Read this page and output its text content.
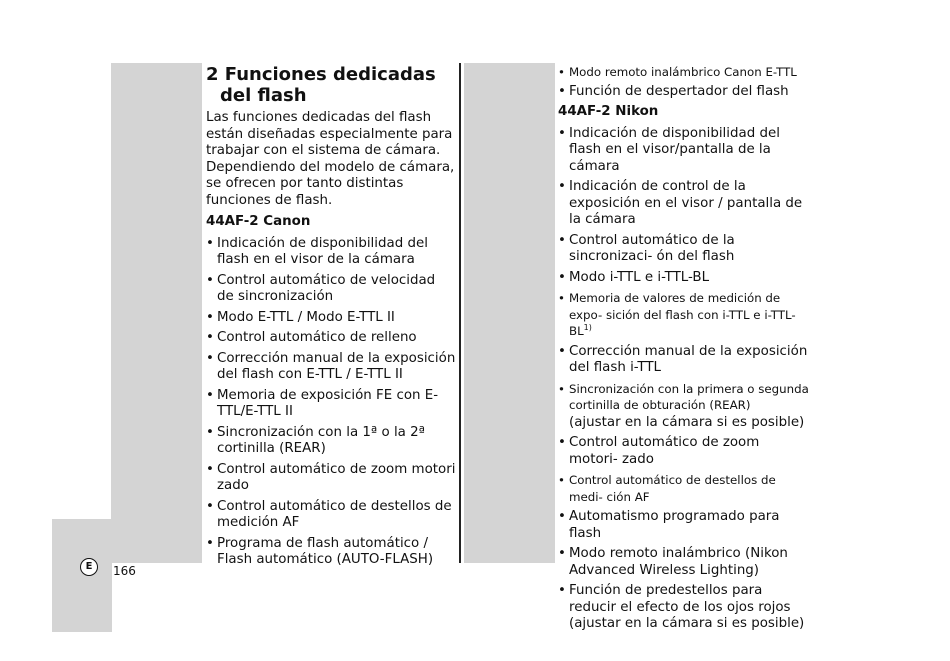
E	166
2 Funciones dedicadas del flash

Las funciones dedicadas del flash están diseñadas especialmente para trabajar con el sistema de cámara. Dependiendo del modelo de cámara, se ofrecen por tanto distintas funciones de flash.

44AF-2 Canon
• Indicación de disponibilidad del flash en el visor de la cámara
• Control automático de velocidad de sincronización
• Modo E-TTL / Modo E-TTL II
• Control automático de relleno
• Corrección manual de la exposición del flash con E-TTL / E-TTL II
• Memoria de exposición FE con E-TTL/E-TTL II
• Sincronización con la 1ª o la 2ª cortinilla (REAR)
• Control automático de zoom motori zado
• Control automático de destellos de medición AF
• Programa de flash automático / Flash automático (AUTO-FLASH)
• Modo remoto inalámbrico Canon E-TTL
• Función de despertador del flash
44AF-2 Nikon
• Indicación de disponibilidad del flash en el visor/pantalla de la cámara
• Indicación de control de la exposición en el visor / pantalla de la cámara
• Control automático de la sincronizaci- ón del flash
• Modo i-TTL e i-TTL-BL
• Memoria de valores de medición de expo- sición del flash con i-TTL e i-TTL-BL$^{1)}$
• Corrección manual de la exposición del flash i-TTL
• Sincronización con la primera o segunda cortinilla de obturación (REAR)
(ajustar en la cámara si es posible)
• Control automático de zoom motori- zado
• Control automático de destellos de medi- ción AF
• Automatismo programado para flash
• Modo remoto inalámbrico (Nikon Advanced Wireless Lighting)
• Función de predestellos para reducir el efecto de los ojos rojos
(ajustar en la cámara si es posible)
